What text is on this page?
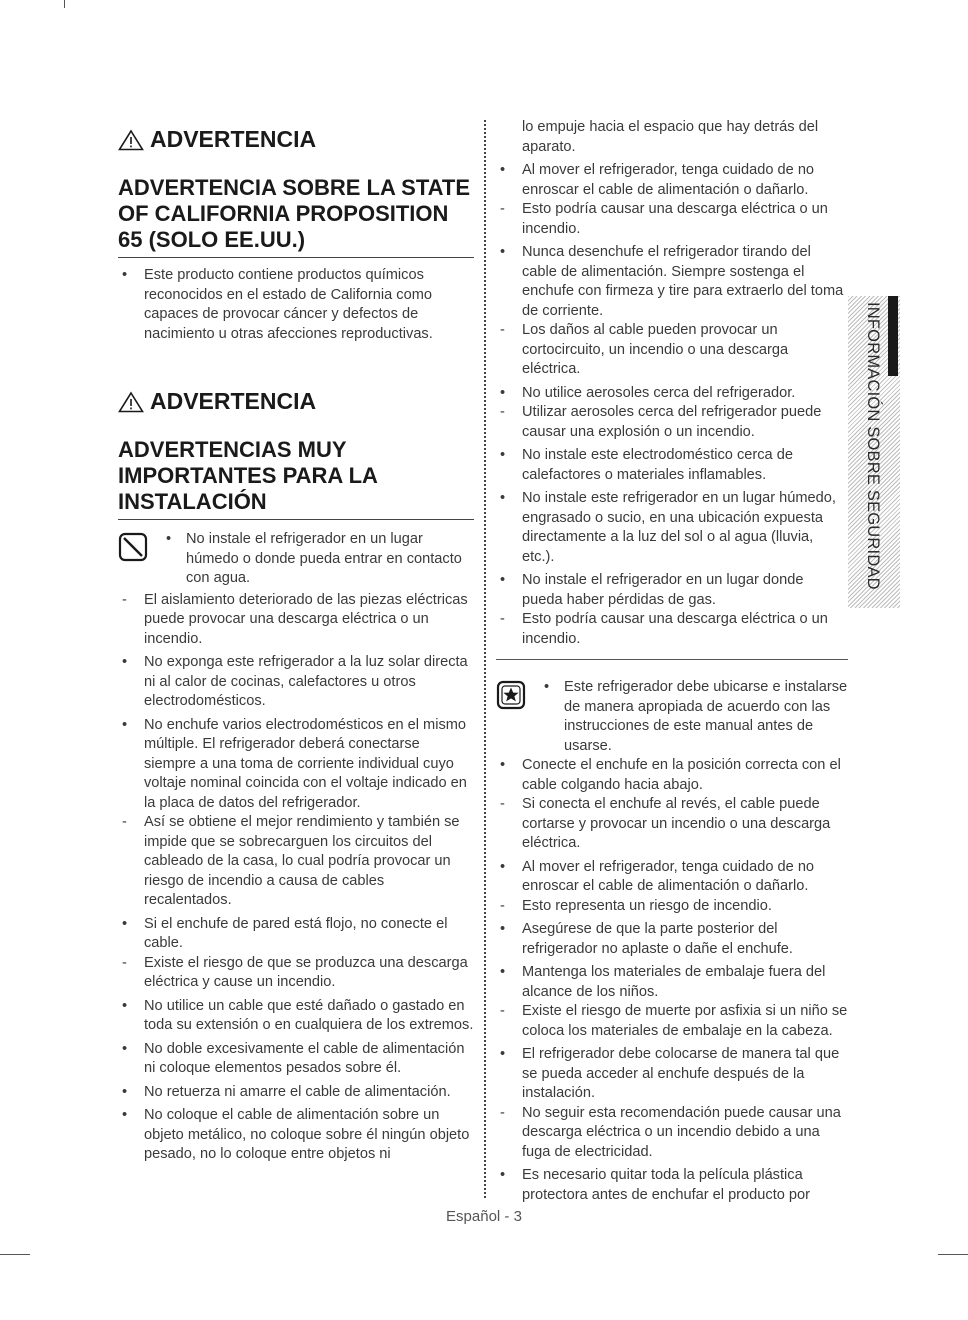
ADVERTENCIA
ADVERTENCIA SOBRE LA STATE OF CALIFORNIA PROPOSITION 65 (SOLO EE.UU.)
• Este producto contiene productos químicos reconocidos en el estado de California como capaces de provocar cáncer y defectos de nacimiento u otras afecciones reproductivas.
ADVERTENCIA
ADVERTENCIAS MUY IMPORTANTES PARA LA INSTALACIÓN
• No instale el refrigerador en un lugar húmedo o donde pueda entrar en contacto con agua.
- El aislamiento deteriorado de las piezas eléctricas puede provocar una descarga eléctrica o un incendio.
• No exponga este refrigerador a la luz solar directa ni al calor de cocinas, calefactores u otros electrodomésticos.
• No enchufe varios electrodomésticos en el mismo múltiple. El refrigerador deberá conectarse siempre a una toma de corriente individual cuyo voltaje nominal coincida con el voltaje indicado en la placa de datos del refrigerador.
- Así se obtiene el mejor rendimiento y también se impide que se sobrecarguen los circuitos del cableado de la casa, lo cual podría provocar un riesgo de incendio a causa de cables recalentados.
• Si el enchufe de pared está flojo, no conecte el cable.
- Existe el riesgo de que se produzca una descarga eléctrica y cause un incendio.
• No utilice un cable que esté dañado o gastado en toda su extensión o en cualquiera de los extremos.
• No doble excesivamente el cable de alimentación ni coloque elementos pesados sobre él.
• No retuerza ni amarre el cable de alimentación.
• No coloque el cable de alimentación sobre un objeto metálico, no coloque sobre él ningún objeto pesado, no lo coloque entre objetos ni
lo empuje hacia el espacio que hay detrás del aparato.
• Al mover el refrigerador, tenga cuidado de no enroscar el cable de alimentación o dañarlo.
- Esto podría causar una descarga eléctrica o un incendio.
• Nunca desenchufe el refrigerador tirando del cable de alimentación. Siempre sostenga el enchufe con firmeza y tire para extraerlo del toma de corriente.
- Los daños al cable pueden provocar un cortocircuito, un incendio o una descarga eléctrica.
• No utilice aerosoles cerca del refrigerador.
- Utilizar aerosoles cerca del refrigerador puede causar una explosión o un incendio.
• No instale este electrodoméstico cerca de calefactores o materiales inflamables.
• No instale este refrigerador en un lugar húmedo, engrasado o sucio, en una ubicación expuesta directamente a la luz del sol o al agua (lluvia, etc.).
• No instale el refrigerador en un lugar donde pueda haber pérdidas de gas.
- Esto podría causar una descarga eléctrica o un incendio.
• Este refrigerador debe ubicarse e instalarse de manera apropiada de acuerdo con las instrucciones de este manual antes de usarse.
• Conecte el enchufe en la posición correcta con el cable colgando hacia abajo.
- Si conecta el enchufe al revés, el cable puede cortarse y provocar un incendio o una descarga eléctrica.
• Al mover el refrigerador, tenga cuidado de no enroscar el cable de alimentación o dañarlo.
- Esto representa un riesgo de incendio.
• Asegúrese de que la parte posterior del refrigerador no aplaste o dañe el enchufe.
• Mantenga los materiales de embalaje fuera del alcance de los niños.
- Existe el riesgo de muerte por asfixia si un niño se coloca los materiales de embalaje en la cabeza.
• El refrigerador debe colocarse de manera tal que se pueda acceder al enchufe después de la instalación.
- No seguir esta recomendación puede causar una descarga eléctrica o un incendio debido a una fuga de electricidad.
• Es necesario quitar toda la película plástica protectora antes de enchufar el producto por
INFORMACIÓN SOBRE SEGURIDAD
Español - 3
